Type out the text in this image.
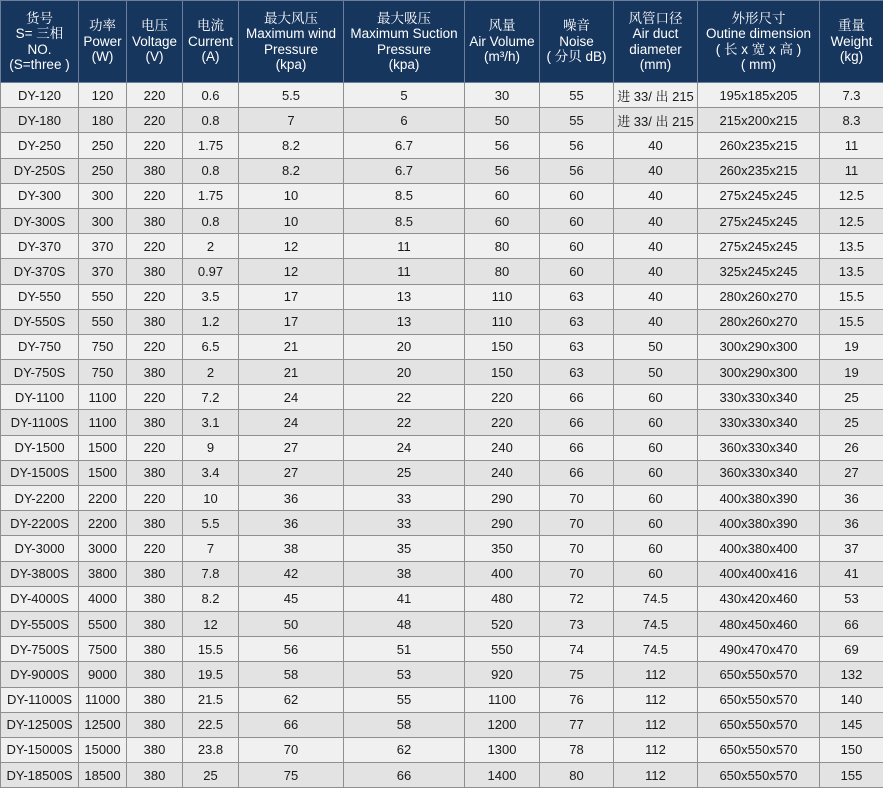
货号
S= 三相
NO.
(S=three )	功率
Power
(W)	电压
Voltage
(V)	电流
Current
(A)	最大风压
Maximum wind
Pressure
(kpa)	最大吸压
Maximum Suction
Pressure
(kpa)	风量
Air Volume
(m³/h)	噪音
Noise
( 分贝 dB)	风管口径
Air duct
diameter
(mm)	外形尺寸
Outine dimension
( 长 x 宽 x 高 )
( mm)	重量
Weight
(kg)

DY-120	120	220	0.6	5.5	5	30	55	进 33/ 出 215	195x185x205	7.3
DY-180	180	220	0.8	7	6	50	55	进 33/ 出 215	215x200x215	8.3
DY-250	250	220	1.75	8.2	6.7	56	56	40	260x235x215	11
DY-250S	250	380	0.8	8.2	6.7	56	56	40	260x235x215	11
DY-300	300	220	1.75	10	8.5	60	60	40	275x245x245	12.5
DY-300S	300	380	0.8	10	8.5	60	60	40	275x245x245	12.5
DY-370	370	220	2	12	11	80	60	40	275x245x245	13.5
DY-370S	370	380	0.97	12	11	80	60	40	325x245x245	13.5
DY-550	550	220	3.5	17	13	110	63	40	280x260x270	15.5
DY-550S	550	380	1.2	17	13	110	63	40	280x260x270	15.5
DY-750	750	220	6.5	21	20	150	63	50	300x290x300	19
DY-750S	750	380	2	21	20	150	63	50	300x290x300	19
DY-1100	1100	220	7.2	24	22	220	66	60	330x330x340	25
DY-1100S	1100	380	3.1	24	22	220	66	60	330x330x340	25
DY-1500	1500	220	9	27	24	240	66	60	360x330x340	26
DY-1500S	1500	380	3.4	27	25	240	66	60	360x330x340	27
DY-2200	2200	220	10	36	33	290	70	60	400x380x390	36
DY-2200S	2200	380	5.5	36	33	290	70	60	400x380x390	36
DY-3000	3000	220	7	38	35	350	70	60	400x380x400	37
DY-3800S	3800	380	7.8	42	38	400	70	60	400x400x416	41
DY-4000S	4000	380	8.2	45	41	480	72	74.5	430x420x460	53
DY-5500S	5500	380	12	50	48	520	73	74.5	480x450x460	66
DY-7500S	7500	380	15.5	56	51	550	74	74.5	490x470x470	69
DY-9000S	9000	380	19.5	58	53	920	75	112	650x550x570	132
DY-11000S	11000	380	21.5	62	55	1100	76	112	650x550x570	140
DY-12500S	12500	380	22.5	66	58	1200	77	112	650x550x570	145
DY-15000S	15000	380	23.8	70	62	1300	78	112	650x550x570	150
DY-18500S	18500	380	25	75	66	1400	80	112	650x550x570	155
